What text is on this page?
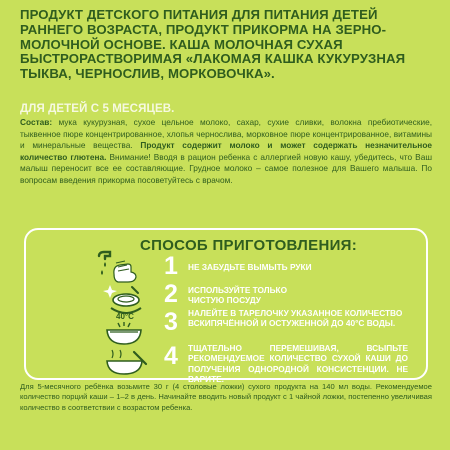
ПРОДУКТ ДЕТСКОГО ПИТАНИЯ ДЛЯ ПИТАНИЯ ДЕТЕЙ РАННЕГО ВОЗРАСТА, ПРОДУКТ ПРИКОРМА НА ЗЕРНО-МОЛОЧНОЙ ОСНОВЕ. КАША МОЛОЧНАЯ СУХАЯ БЫСТРОРАСТВОРИМАЯ «ЛАКОМАЯ КАШКА КУКУРУЗНАЯ ТЫКВА, ЧЕРНОСЛИВ, МОРКОВОЧКА».
ДЛЯ ДЕТЕЙ С 5 МЕСЯЦЕВ.
Состав: мука кукурузная, сухое цельное молоко, сахар, сухие сливки, волокна пребиотические, тыквенное пюре концентрированное, хлопья чернослива, морковное пюре концентрированное, витамины и минеральные вещества. Продукт содержит молоко и может содержать незначительное количество глютена. Внимание! Вводя в рацион ребенка с аллергией новую кашу, убедитесь, что Ваш малыш переносит все ее составляющие. Грудное молоко – самое полезное для Вашего малыша. По вопросам введения прикорма посоветуйтесь с врачом.
СПОСОБ ПРИГОТОВЛЕНИЯ:
40°С
1 НЕ ЗАБУДЬТЕ ВЫМЫТЬ РУКИ
2 ИСПОЛЬЗУЙТЕ ТОЛЬКО ЧИСТУЮ ПОСУДУ
3 НАЛЕЙТЕ В ТАРЕЛОЧКУ УКАЗАННОЕ КОЛИЧЕСТВО ВСКИПЯЧЁННОЙ И ОСТУЖЕННОЙ ДО 40°С ВОДЫ.
4 ТЩАТЕЛЬНО ПЕРЕМЕШИВАЯ, ВСЫПЬТЕ РЕКОМЕНДУЕМОЕ КОЛИЧЕСТВО СУХОЙ КАШИ ДО ПОЛУЧЕНИЯ ОДНОРОДНОЙ КОНСИСТЕНЦИИ. НЕ ВАРИТЕ.
Для 5-месячного ребёнка возьмите 30 г (4 столовые ложки) сухого продукта на 140 мл воды. Рекомендуемое количество порций каши – 1–2 в день. Начинайте вводить новый продукт с 1 чайной ложки, постепенно увеличивая количество в соответствии с возрастом ребенка.
